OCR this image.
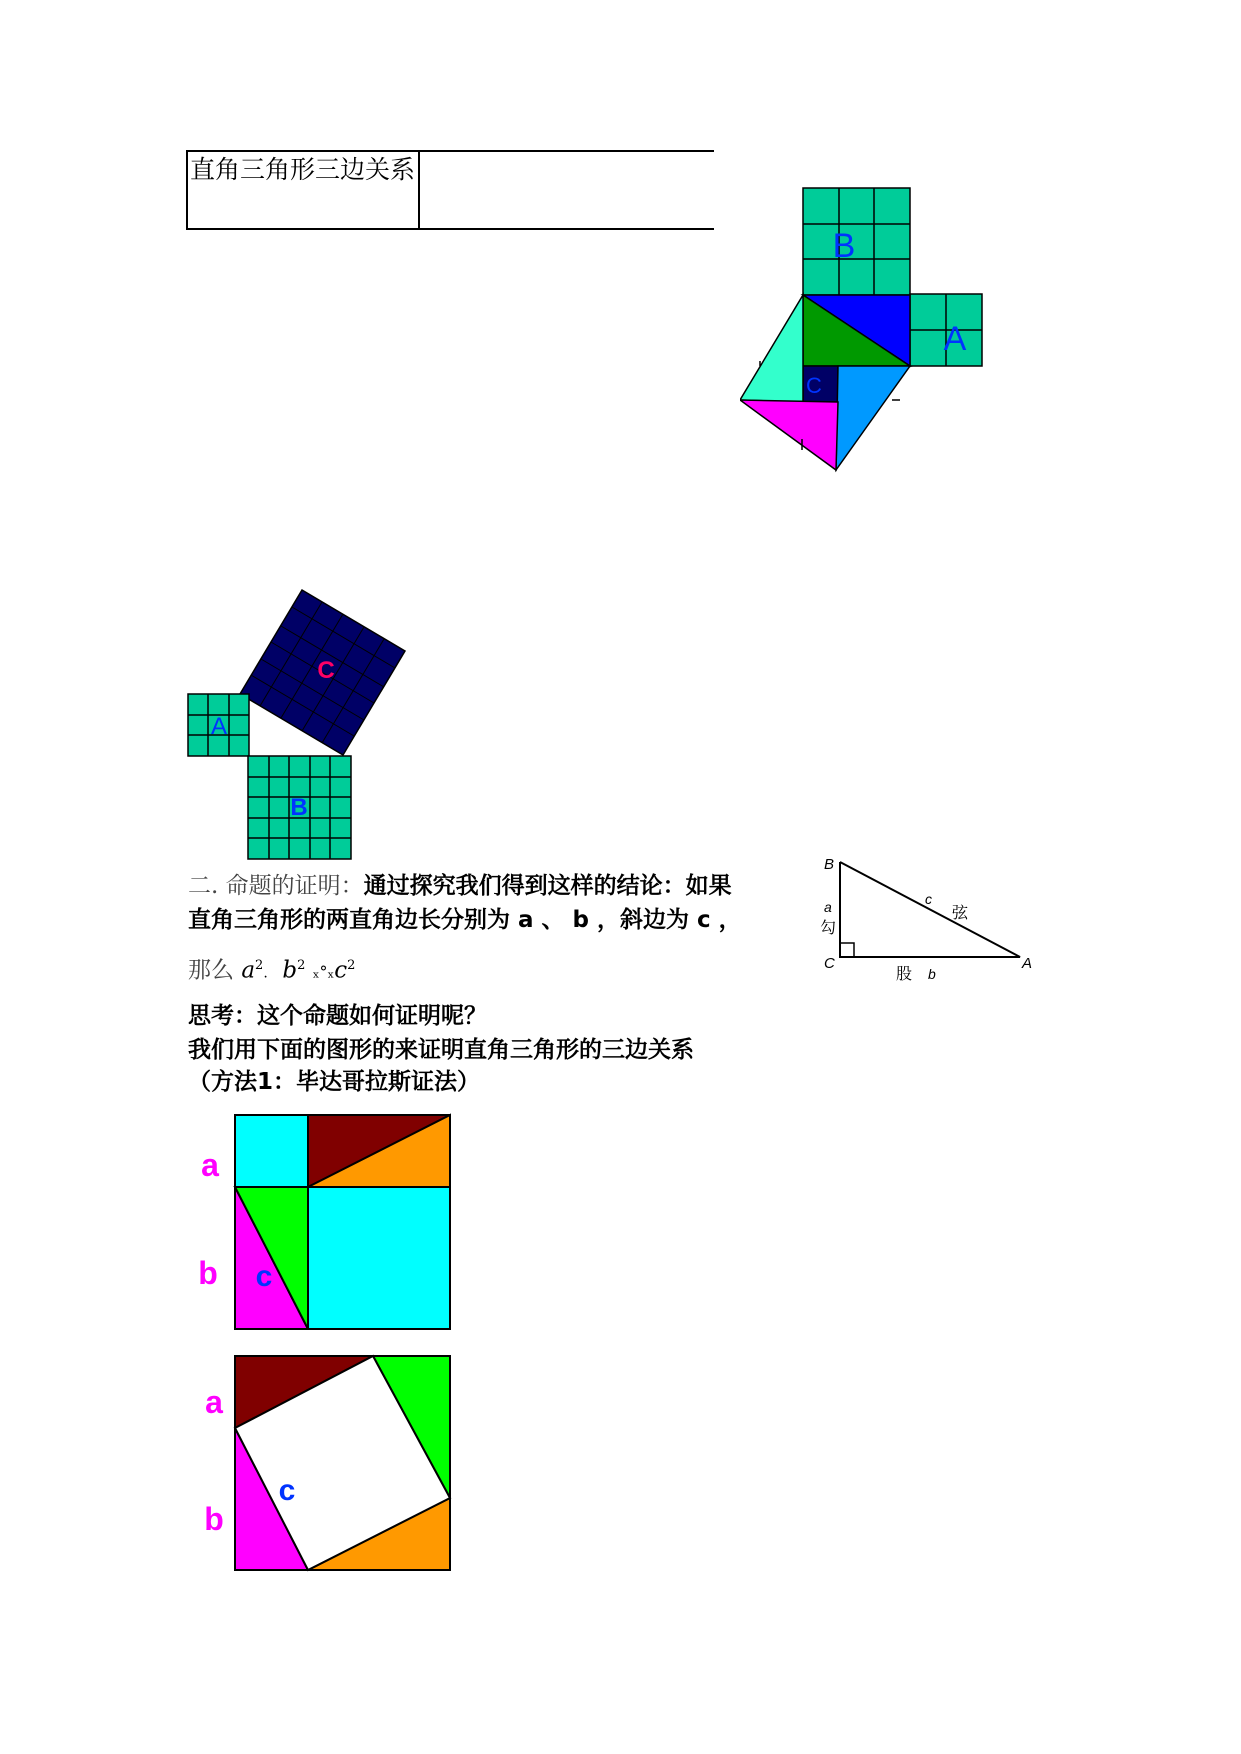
直角三角形三边关系	
B
A
C
C
A
B
二. 命题的证明：通过探究我们得到这样的结论：如果
直角三角形的两直角边长分别为 a 、 b ，斜边为 c ，
那么 $a^2$. $b^2$ ₓ°ₓc$^2$
B
C	A
a
勾
c
弦
股 b
思考：这个命题如何证明呢？
我们用下面的图形的来证明直角三角形的三边关系
（方法1：毕达哥拉斯证法）
a
b c
a
b
c
